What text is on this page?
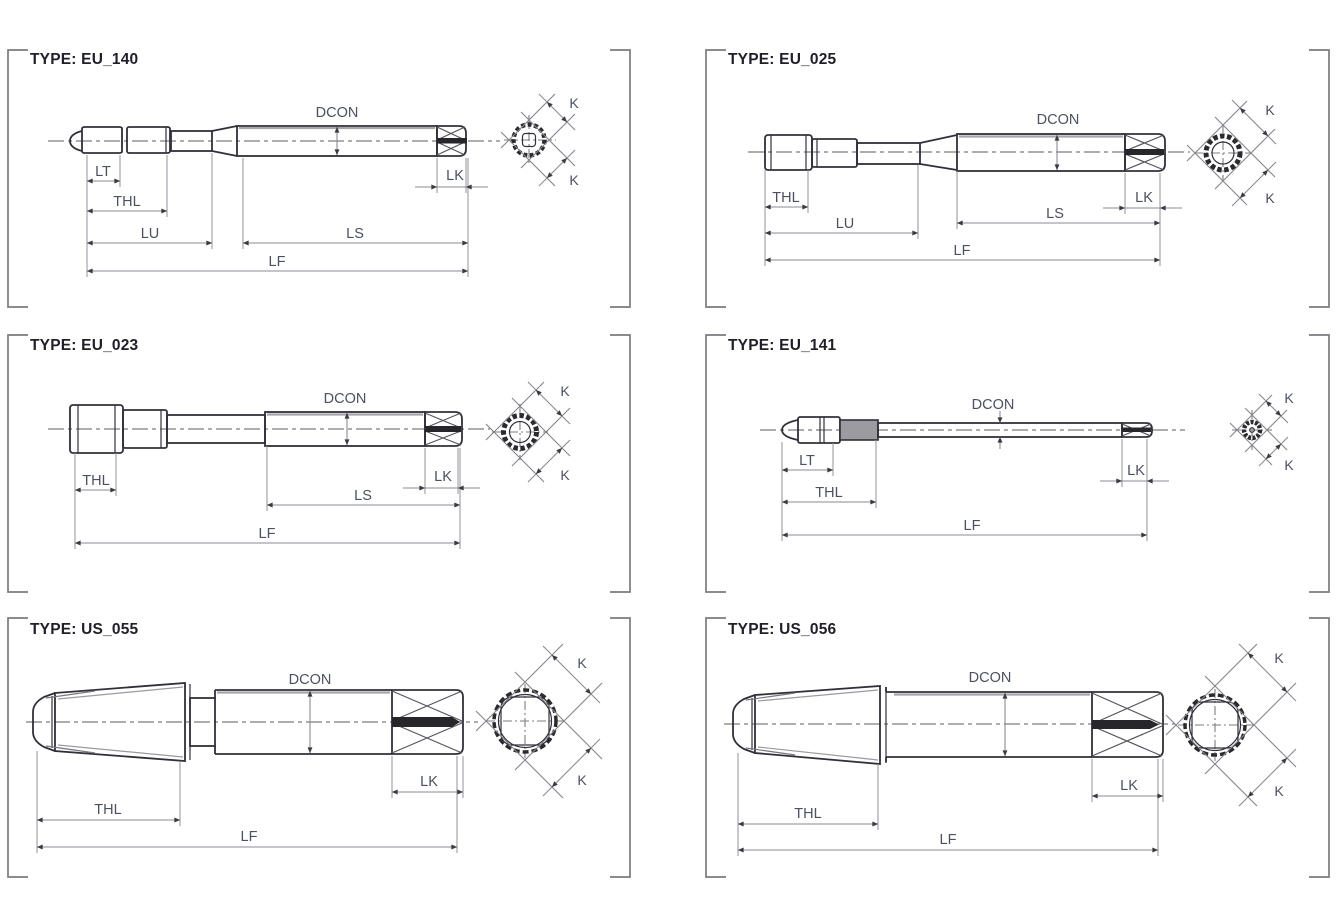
TYPE: EU_140
DCON
LT
THL
LU	LS
LF
LK
K
K
TYPE: EU_025
DCON
THL
LU
LS
LF
LK
K
K
TYPE: EU_023
DCON
THL
LS
LF
LK
K
K
TYPE: EU_141
DCON
LT
THL
LF
LK
K
K
TYPE: US_055
DCON
THL
LF
LK
K
K
TYPE: US_056
DCON
THL
LF
LK
K
K
